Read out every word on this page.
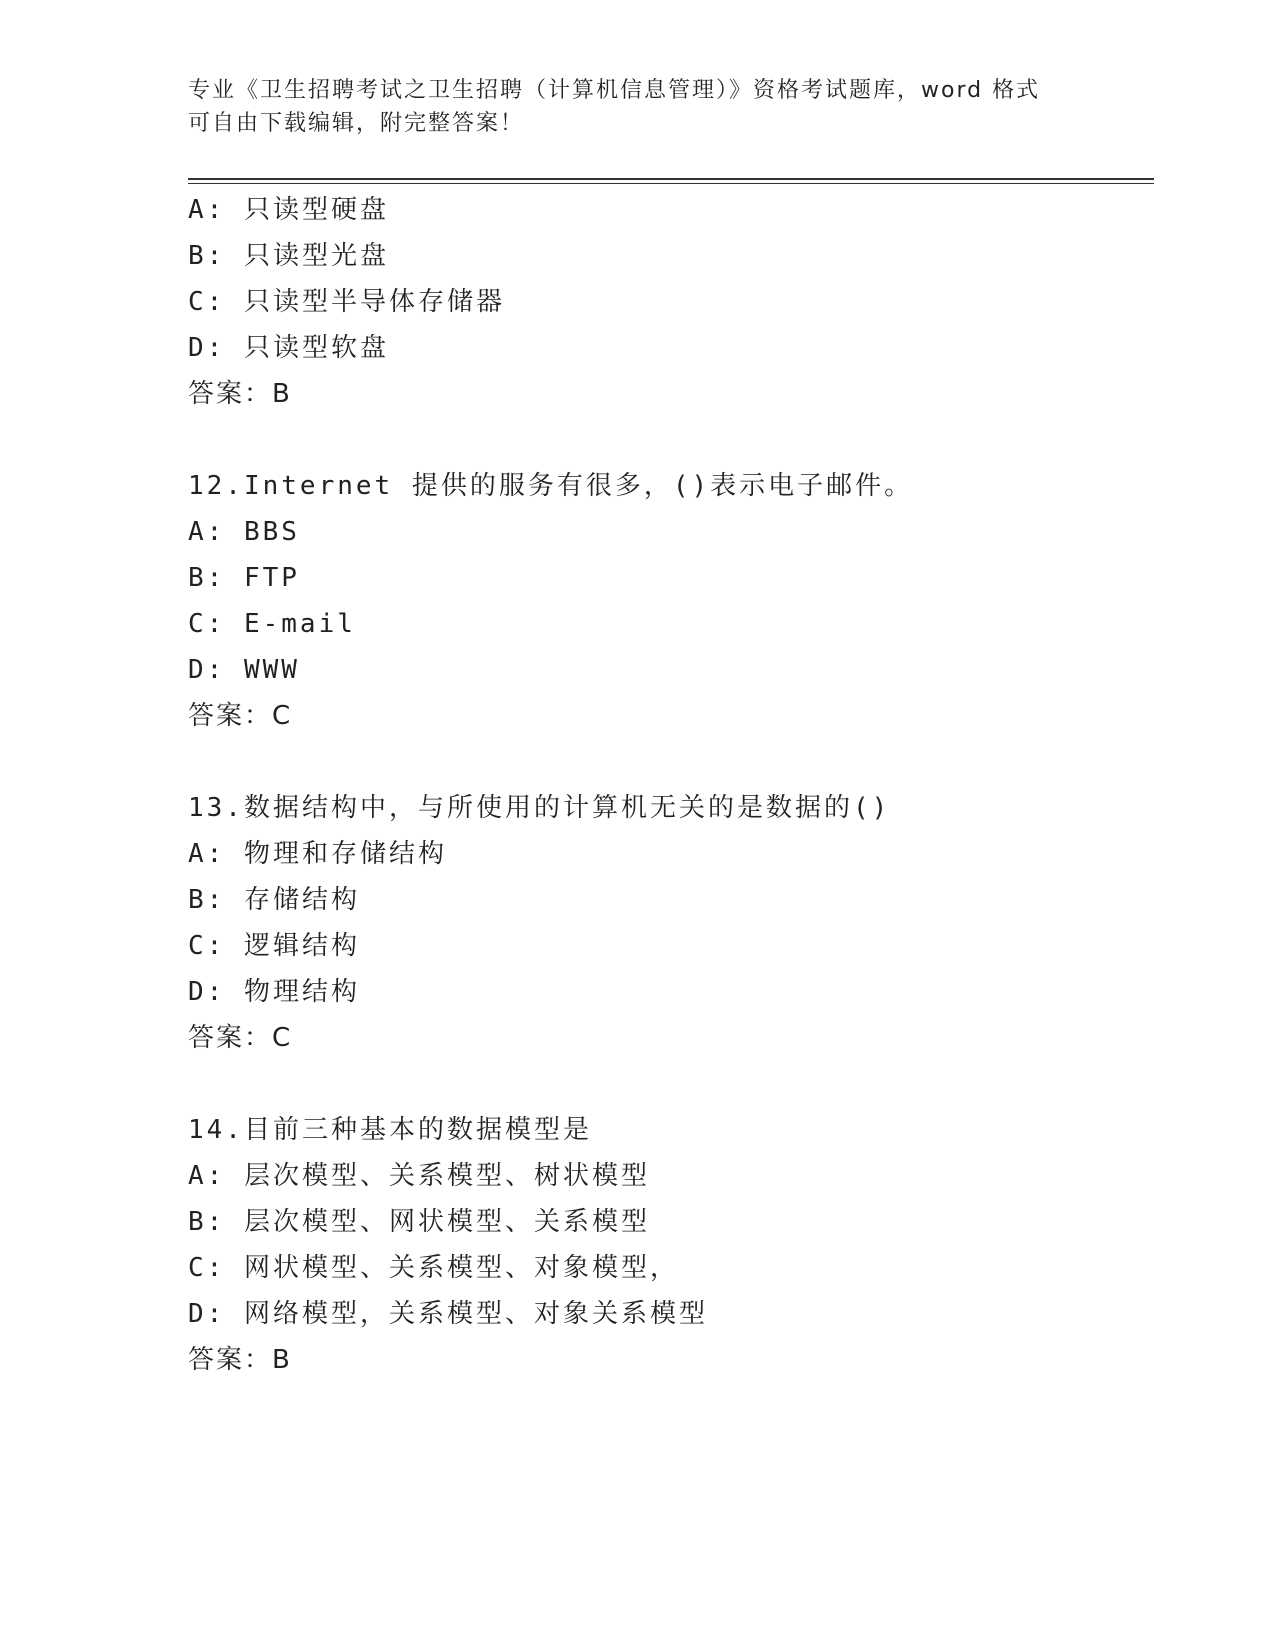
专业《卫生招聘考试之卫生招聘（计算机信息管理）》资格考试题库，word 格式
可自由下载编辑，附完整答案！
A: 只读型硬盘
B: 只读型光盘
C: 只读型半导体存储器
D: 只读型软盘
答案：B
12.Internet 提供的服务有很多，()表示电子邮件。
A: BBS
B: FTP
C: E-mail
D: WWW
答案：C
13.数据结构中，与所使用的计算机无关的是数据的()
A: 物理和存储结构
B: 存储结构
C: 逻辑结构
D: 物理结构
答案：C
14.目前三种基本的数据模型是
A: 层次模型、关系模型、树状模型
B: 层次模型、网状模型、关系模型
C: 网状模型、关系模型、对象模型，
D: 网络模型，关系模型、对象关系模型
答案：B
